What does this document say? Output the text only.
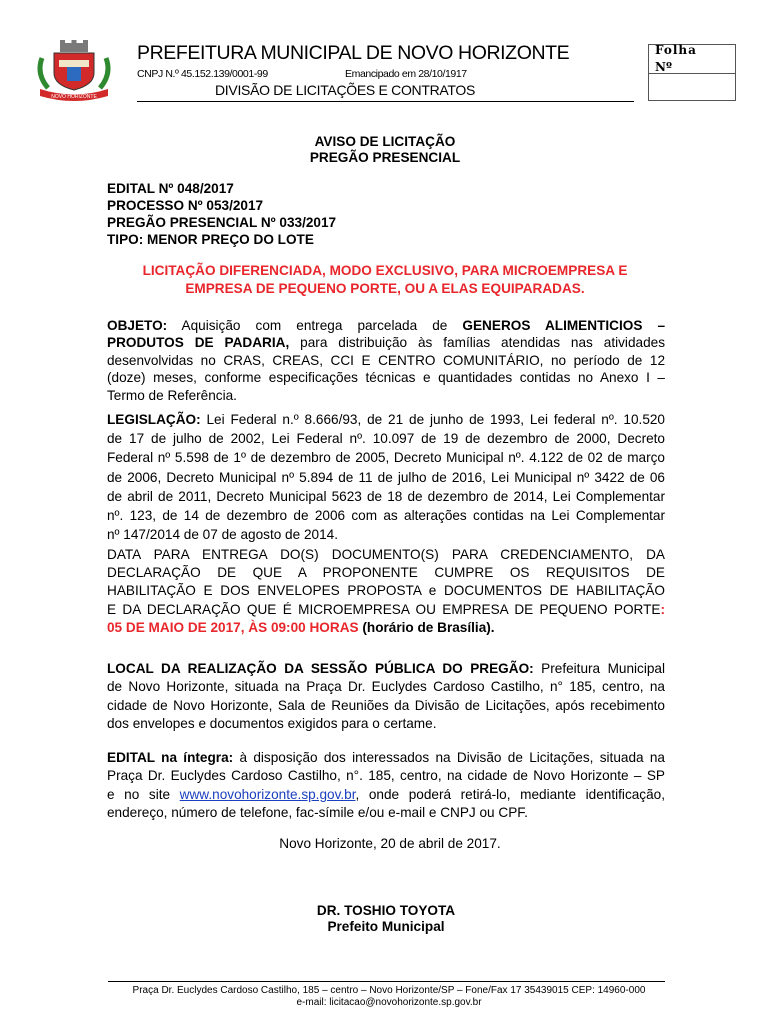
NOVO HORIZONTE
PREFEITURA MUNICIPAL DE NOVO HORIZONTE
CNPJ N.º 45.152.139/0001-99	Emancipado em 28/10/1917
DIVISÃO DE LICITAÇÕES E CONTRATOS
Folha
Nº
AVISO DE LICITAÇÃO
PREGÃO PRESENCIAL
EDITAL Nº 048/2017
PROCESSO Nº 053/2017
PREGÃO PRESENCIAL Nº 033/2017
TIPO: MENOR PREÇO DO LOTE
LICITAÇÃO DIFERENCIADA, MODO EXCLUSIVO, PARA MICROEMPRESA E
EMPRESA DE PEQUENO PORTE, OU A ELAS EQUIPARADAS.
OBJETO: Aquisição com entrega parcelada de GENEROS ALIMENTICIOS –
PRODUTOS DE PADARIA, para distribuição às famílias atendidas nas atividades
desenvolvidas no CRAS, CREAS, CCI E CENTRO COMUNITÁRIO, no período de 12
(doze) meses, conforme especificações técnicas e quantidades contidas no Anexo I –
Termo de Referência.
LEGISLAÇÃO: Lei Federal n.º 8.666/93, de 21 de junho de 1993, Lei federal nº. 10.520
de 17 de julho de 2002, Lei Federal nº. 10.097 de 19 de dezembro de 2000, Decreto
Federal nº 5.598 de 1º de dezembro de 2005, Decreto Municipal nº. 4.122 de 02 de março
de 2006, Decreto Municipal nº 5.894 de 11 de julho de 2016, Lei Municipal nº 3422 de 06
de abril de 2011, Decreto Municipal 5623 de 18 de dezembro de 2014, Lei Complementar
nº. 123, de 14 de dezembro de 2006 com as alterações contidas na Lei Complementar
nº 147/2014 de 07 de agosto de 2014.
DATA PARA ENTREGA DO(S) DOCUMENTO(S) PARA CREDENCIAMENTO, DA
DECLARAÇÃO DE QUE A PROPONENTE CUMPRE OS REQUISITOS DE
HABILITAÇÃO E DOS ENVELOPES PROPOSTA e DOCUMENTOS DE HABILITAÇÃO
E DA DECLARAÇÃO QUE É MICROEMPRESA OU EMPRESA DE PEQUENO PORTE:
05 DE MAIO DE 2017, ÀS 09:00 HORAS (horário de Brasília).
LOCAL DA REALIZAÇÃO DA SESSÃO PÚBLICA DO PREGÃO: Prefeitura Municipal
de Novo Horizonte, situada na Praça Dr. Euclydes Cardoso Castilho, n° 185, centro, na
cidade de Novo Horizonte, Sala de Reuniões da Divisão de Licitações, após recebimento
dos envelopes e documentos exigidos para o certame.
EDITAL na íntegra: à disposição dos interessados na Divisão de Licitações, situada na
Praça Dr. Euclydes Cardoso Castilho, n°. 185, centro, na cidade de Novo Horizonte – SP
e no site www.novohorizonte.sp.gov.br, onde poderá retirá-lo, mediante identificação,
endereço, número de telefone, fac-símile e/ou e-mail e CNPJ ou CPF.
Novo Horizonte, 20 de abril de 2017.
DR. TOSHIO TOYOTA
Prefeito Municipal
Praça Dr. Euclydes Cardoso Castilho, 185 – centro – Novo Horizonte/SP – Fone/Fax 17 35439015 CEP: 14960-000
e-mail: licitacao@novohorizonte.sp.gov.br
